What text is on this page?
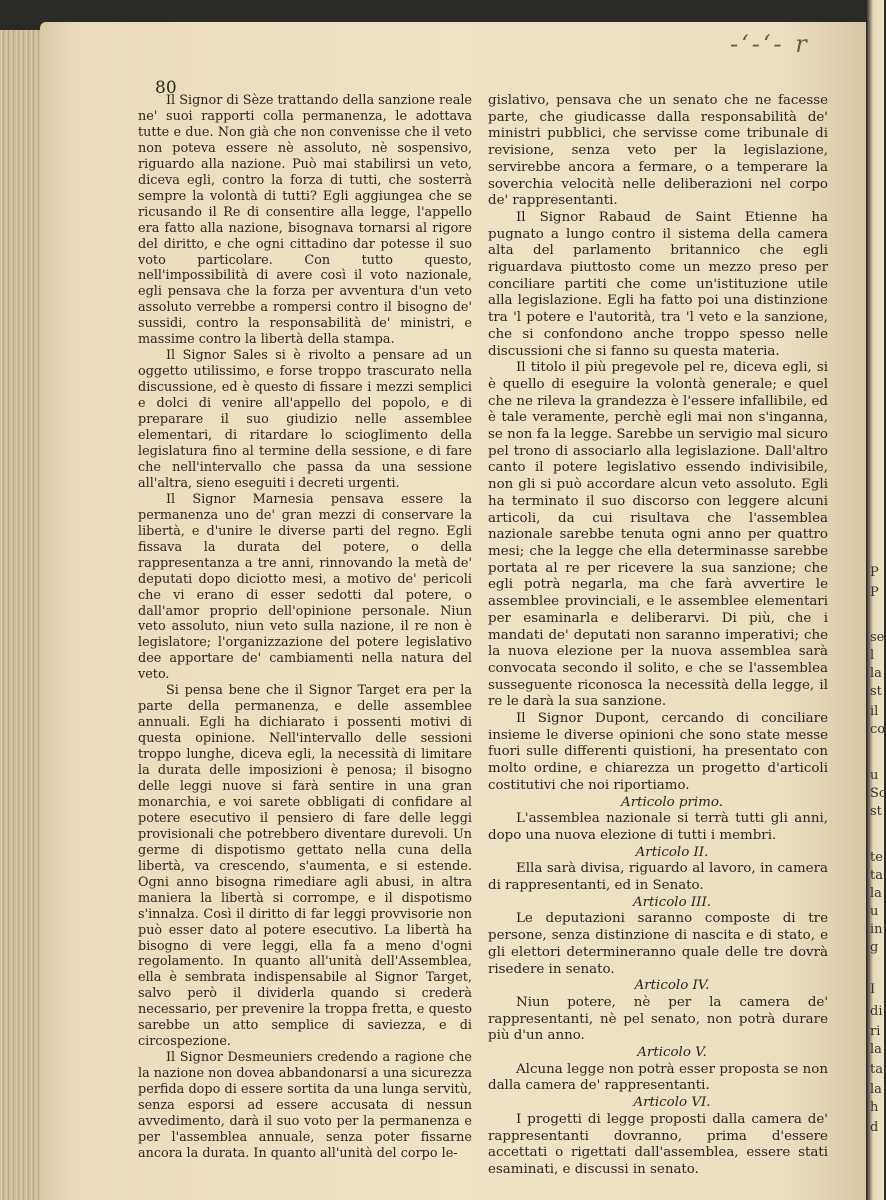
P
P
se
l
la
st
il
co
u
Sc
st
te
ta
la
u
in
g
I
di
ri
la
ta
la
h
d
-ʻ-ʻ- r
80

Il Signor di Sèze trattando della sanzione reale ne' suoi rapporti colla permanenza, le adottava tutte e due. Non già che non convenisse che il veto non poteva essere nè assoluto, nè sospensivo, riguardo alla nazione. Può mai stabilirsi un veto, diceva egli, contro la forza di tutti, che sosterrà sempre la volontà di tutti? Egli aggiungea che se ricusando il Re di consentire alla legge, l'appello era fatto alla nazione, bisognava tornarsi al rigore del diritto, e che ogni cittadino dar potesse il suo voto particolare. Con tutto questo, nell'impossibilità di avere così il voto nazionale, egli pensava che la forza per avventura d'un veto assoluto verrebbe a rompersi contro il bisogno de' sussidi, contro la responsabilità de' ministri, e massime contro la libertà della stampa.

Il Signor Sales si è rivolto a pensare ad un oggetto utilissimo, e forse troppo trascurato nella discussione, ed è questo di fissare i mezzi semplici e dolci di venire all'appello del popolo, e di preparare il suo giudizio nelle assemblee elementari, di ritardare lo scioglimento della legislatura fino al termine della sessione, e di fare che nell'intervallo che passa da una sessione all'altra, sieno eseguiti i decreti urgenti.

Il Signor Marnesia pensava essere la permanenza uno de' gran mezzi di conservare la libertà, e d'unire le diverse parti del regno. Egli fissava la durata del potere, o della rappresentanza a tre anni, rinnovando la metà de' deputati dopo diciotto mesi, a motivo de' pericoli che vi erano di esser sedotti dal potere, o dall'amor proprio dell'opinione personale. Niun veto assoluto, niun veto sulla nazione, il re non è legislatore; l'organizzazione del potere legislativo dee apportare de' cambiamenti nella natura del veto.

Si pensa bene che il Signor Target era per la parte della permanenza, e delle assemblee annuali. Egli ha dichiarato i possenti motivi di questa opinione. Nell'intervallo delle sessioni troppo lunghe, diceva egli, la necessità di limitare la durata delle imposizioni è penosa; il bisogno delle leggi nuove si farà sentire in una gran monarchia, e voi sarete obbligati di confidare al potere esecutivo il pensiero di fare delle leggi provisionali che potrebbero diventare durevoli. Un germe di dispotismo gettato nella cuna della libertà, va crescendo, s'aumenta, e si estende. Ogni anno bisogna rimediare agli abusi, in altra maniera la libertà si corrompe, e il dispotismo s'innalza. Così il diritto di far leggi provvisorie non può esser dato al potere esecutivo. La libertà ha bisogno di vere leggi, ella fa a meno d'ogni regolamento. In quanto all'unità dell'Assemblea, ella è sembrata indispensabile al Signor Target, salvo però il dividerla quando si crederà necessario, per prevenire la troppa fretta, e questo sarebbe un atto semplice di saviezza, e di circospezione.

Il Signor Desmeuniers credendo a ragione che la nazione non dovea abbandonarsi a una sicurezza perfida dopo di essere sortita da una lunga servitù, senza esporsi ad essere accusata di nessun avvedimento, darà il suo voto per la permanenza e per l'assemblea annuale, senza poter fissarne ancora la durata. In quanto all'unità del corpo le-

gislativo, pensava che un senato che ne facesse parte, che giudicasse dalla responsabilità de' ministri pubblici, che servisse come tribunale di revisione, senza veto per la legislazione, servirebbe ancora a fermare, o a temperare la soverchia velocità nelle deliberazioni nel corpo de' rappresentanti.

Il Signor Rabaud de Saint Etienne ha pugnato a lungo contro il sistema della camera alta del parlamento britannico che egli riguardava piuttosto come un mezzo preso per conciliare partiti che come un'istituzione utile alla legislazione. Egli ha fatto poi una distinzione tra 'l potere e l'autorità, tra 'l veto e la sanzione, che si confondono anche troppo spesso nelle discussioni che si fanno su questa materia.

Il titolo il più pregevole pel re, diceva egli, si è quello di eseguire la volontà generale; e quel che ne rileva la grandezza è l'essere infallibile, ed è tale veramente, perchè egli mai non s'inganna, se non fa la legge. Sarebbe un servigio mal sicuro pel trono di associarlo alla legislazione. Dall'altro canto il potere legislativo essendo indivisibile, non gli si può accordare alcun veto assoluto. Egli ha terminato il suo discorso con leggere alcuni articoli, da cui risultava che l'assemblea nazionale sarebbe tenuta ogni anno per quattro mesi; che la legge che ella determinasse sarebbe portata al re per ricevere la sua sanzione; che egli potrà negarla, ma che farà avvertire le assemblee provinciali, e le assemblee elementari per esaminarla e deliberarvi. Di più, che i mandati de' deputati non saranno imperativi; che la nuova elezione per la nuova assemblea sarà convocata secondo il solito, e che se l'assemblea susseguente riconosca la necessità della legge, il re le darà la sua sanzione.

Il Signor Dupont, cercando di conciliare insieme le diverse opinioni che sono state messe fuori sulle differenti quistioni, ha presentato con molto ordine, e chiarezza un progetto d'articoli costitutivi che noi riportiamo.

Articolo primo.

L'assemblea nazionale si terrà tutti gli anni, dopo una nuova elezione di tutti i membri.

Articolo II.

Ella sarà divisa, riguardo al lavoro, in camera di rappresentanti, ed in Senato.

Articolo III.

Le deputazioni saranno composte di tre persone, senza distinzione di nascita e di stato, e gli elettori determineranno quale delle tre dovrà risedere in senato.

Articolo IV.

Niun potere, nè per la camera de' rappresentanti, nè pel senato, non potrà durare più d'un anno.

Articolo V.

Alcuna legge non potrà esser proposta se non dalla camera de' rappresentanti.

Articolo VI.

I progetti di legge proposti dalla camera de' rappresentanti dovranno, prima d'essere accettati o rigettati dall'assemblea, essere stati esaminati, e discussi in senato.
